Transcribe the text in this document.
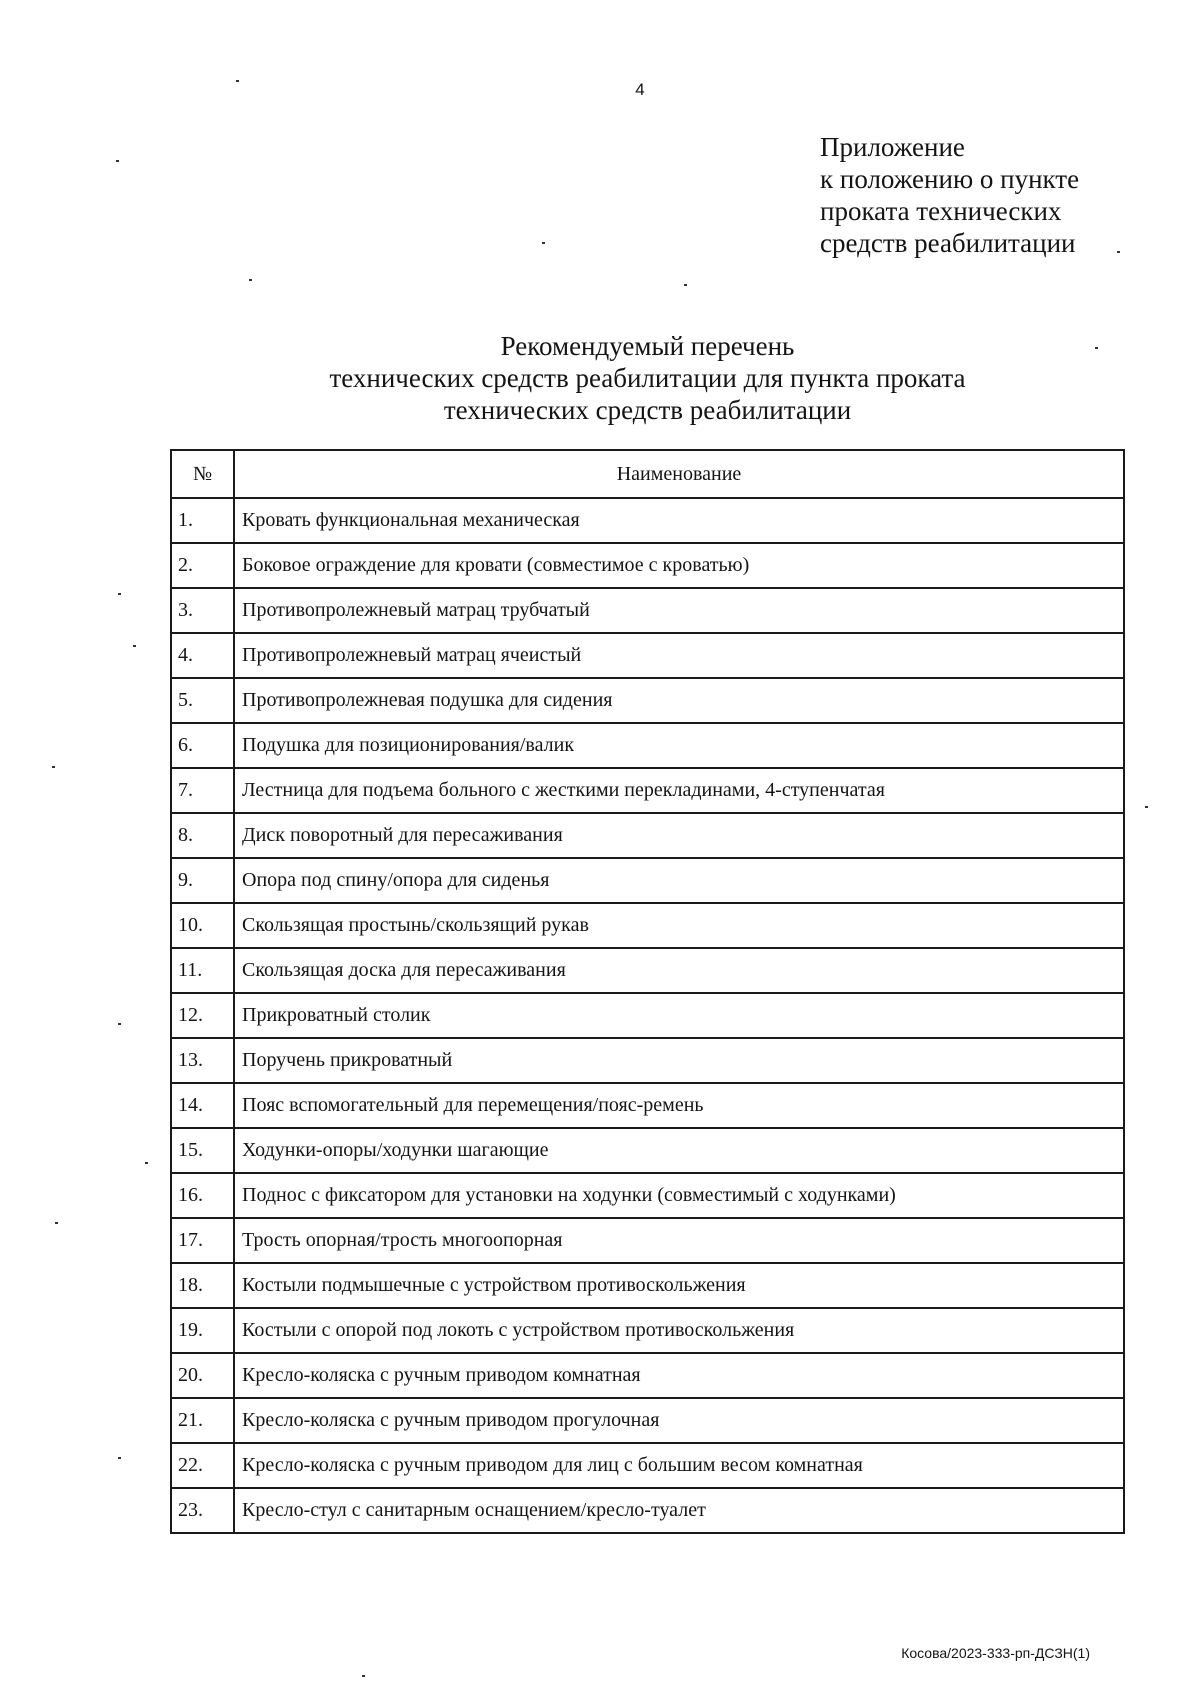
4
Приложение
к положению о пункте
проката технических
средств реабилитации
Рекомендуемый перечень
технических средств реабилитации для пункта проката
технических средств реабилитации
№	Наименование
1.	Кровать функциональная механическая
2.	Боковое ограждение для кровати (совместимое с кроватью)
3.	Противопролежневый матрац трубчатый
4.	Противопролежневый матрац ячеистый
5.	Противопролежневая подушка для сидения
6.	Подушка для позиционирования/валик
7.	Лестница для подъема больного с жесткими перекладинами, 4-ступенчатая
8.	Диск поворотный для пересаживания
9.	Опора под спину/опора для сиденья
10.	Скользящая простынь/скользящий рукав
11.	Скользящая доска для пересаживания
12.	Прикроватный столик
13.	Поручень прикроватный
14.	Пояс вспомогательный для перемещения/пояс-ремень
15.	Ходунки-опоры/ходунки шагающие
16.	Поднос с фиксатором для установки на ходунки (совместимый с ходунками)
17.	Трость опорная/трость многоопорная
18.	Костыли подмышечные с устройством противоскольжения
19.	Костыли с опорой под локоть с устройством противоскольжения
20.	Кресло-коляска с ручным приводом комнатная
21.	Кресло-коляска с ручным приводом прогулочная
22.	Кресло-коляска с ручным приводом для лиц с большим весом комнатная
23.	Кресло-стул с санитарным оснащением/кресло-туалет
Косова/2023-333-рп-ДСЗН(1)
